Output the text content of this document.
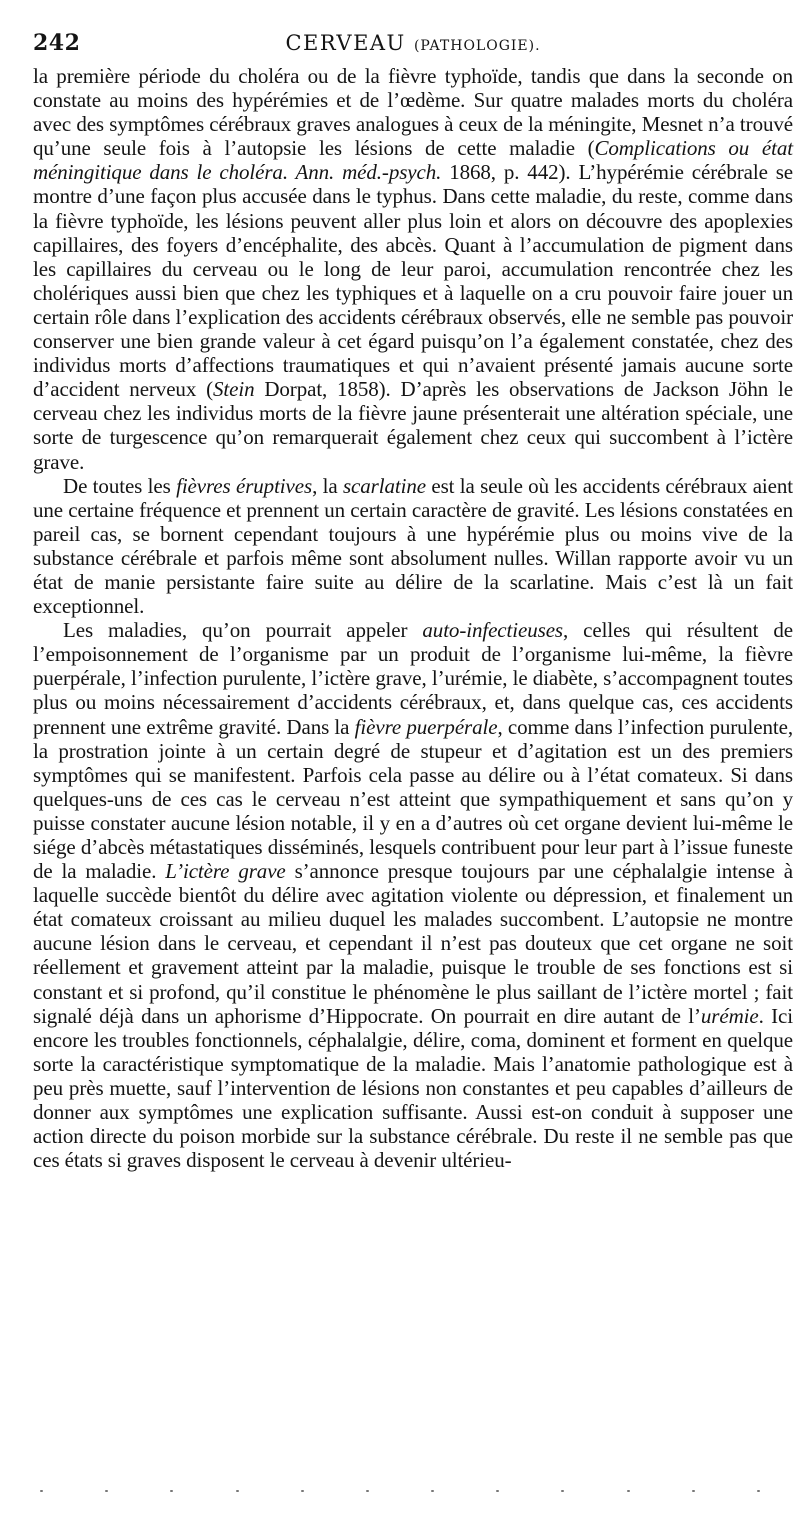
242	CERVEAU (PATHOLOGIE).

la première période du choléra ou de la fièvre typhoïde, tandis que dans la seconde on constate au moins des hypérémies et de l’œdème. Sur quatre malades morts du choléra avec des symptômes cérébraux graves analogues à ceux de la méningite, Mesnet n’a trouvé qu’une seule fois à l’autopsie les lésions de cette maladie (Complications ou état méningitique dans le choléra. Ann. méd.-psych. 1868, p. 442). L’hypérémie cérébrale se montre d’une façon plus accusée dans le typhus. Dans cette maladie, du reste, comme dans la fièvre typhoïde, les lésions peuvent aller plus loin et alors on découvre des apoplexies capillaires, des foyers d’encéphalite, des abcès. Quant à l’accumulation de pigment dans les capillaires du cerveau ou le long de leur paroi, accumulation rencontrée chez les cholériques aussi bien que chez les typhiques et à laquelle on a cru pouvoir faire jouer un certain rôle dans l’explication des accidents cérébraux observés, elle ne semble pas pouvoir conserver une bien grande valeur à cet égard puisqu’on l’a également constatée, chez des individus morts d’affections traumatiques et qui n’avaient présenté jamais aucune sorte d’accident nerveux (Stein Dorpat, 1858). D’après les observations de Jackson Jöhn le cerveau chez les individus morts de la fièvre jaune présenterait une altération spéciale, une sorte de turgescence qu’on remarquerait également chez ceux qui succombent à l’ictère grave.

De toutes les fièvres éruptives, la scarlatine est la seule où les accidents cérébraux aient une certaine fréquence et prennent un certain caractère de gravité. Les lésions constatées en pareil cas, se bornent cependant toujours à une hypérémie plus ou moins vive de la substance cérébrale et parfois même sont absolument nulles. Willan rapporte avoir vu un état de manie persistante faire suite au délire de la scarlatine. Mais c’est là un fait exceptionnel.

Les maladies, qu’on pourrait appeler auto-infectieuses, celles qui résultent de l’empoisonnement de l’organisme par un produit de l’organisme lui-même, la fièvre puerpérale, l’infection purulente, l’ictère grave, l’urémie, le diabète, s’accompagnent toutes plus ou moins nécessairement d’accidents cérébraux, et, dans quelque cas, ces accidents prennent une extrême gravité. Dans la fièvre puerpérale, comme dans l’infection purulente, la prostration jointe à un certain degré de stupeur et d’agitation est un des premiers symptômes qui se manifestent. Parfois cela passe au délire ou à l’état comateux. Si dans quelques-uns de ces cas le cerveau n’est atteint que sympathiquement et sans qu’on y puisse constater aucune lésion notable, il y en a d’autres où cet organe devient lui-même le siége d’abcès métastatiques disséminés, lesquels contribuent pour leur part à l’issue funeste de la maladie. L’ictère grave s’annonce presque toujours par une céphalalgie intense à laquelle succède bientôt du délire avec agitation violente ou dépression, et finalement un état comateux croissant au milieu duquel les malades succombent. L’autopsie ne montre aucune lésion dans le cerveau, et cependant il n’est pas douteux que cet organe ne soit réellement et gravement atteint par la maladie, puisque le trouble de ses fonctions est si constant et si profond, qu’il constitue le phénomène le plus saillant de l’ictère mortel ; fait signalé déjà dans un aphorisme d’Hippocrate. On pourrait en dire autant de l’urémie. Ici encore les troubles fonctionnels, céphalalgie, délire, coma, dominent et forment en quelque sorte la caractéristique symptomatique de la maladie. Mais l’anatomie pathologique est à peu près muette, sauf l’intervention de lésions non constantes et peu capables d’ailleurs de donner aux symptômes une explication suffisante. Aussi est-on conduit à supposer une action directe du poison morbide sur la substance cérébrale. Du reste il ne semble pas que ces états si graves disposent le cerveau à devenir ultérieu-
